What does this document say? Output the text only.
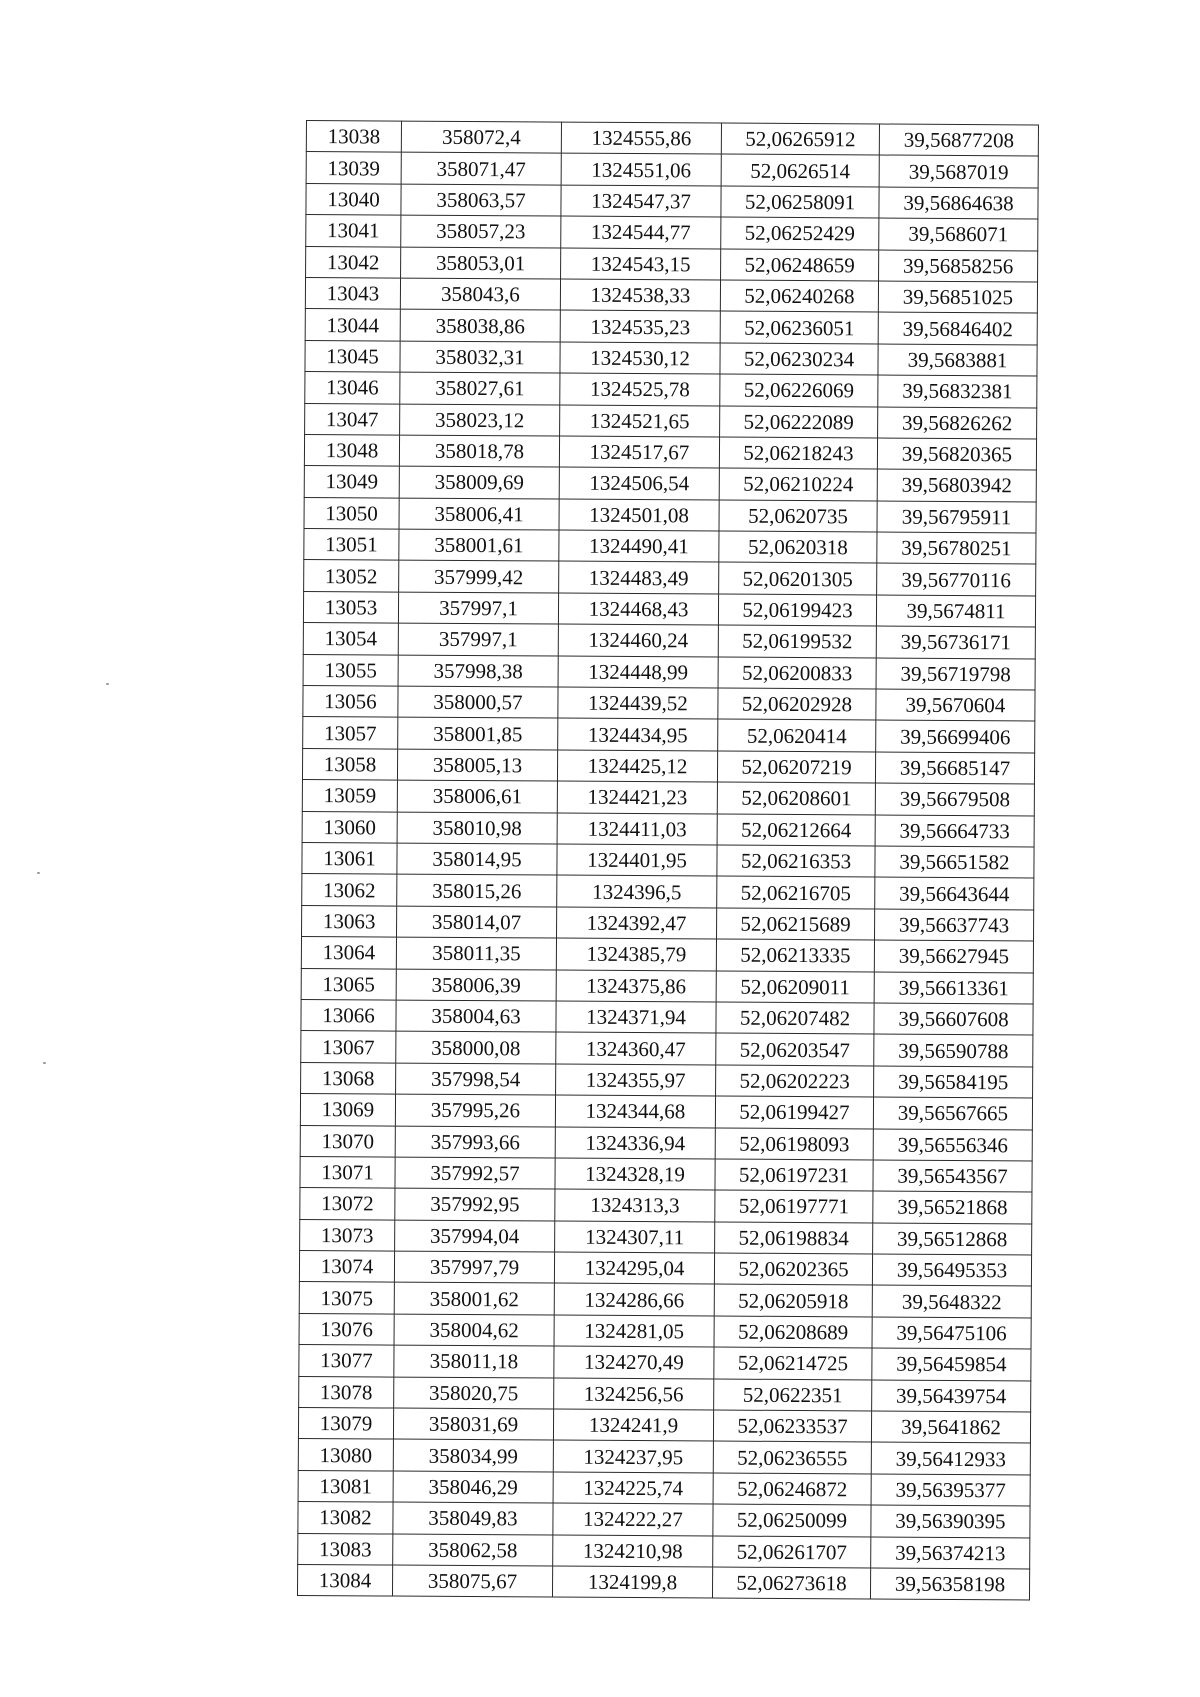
13038	358072,4	1324555,86	52,06265912	39,56877208
13039	358071,47	1324551,06	52,0626514	39,5687019
13040	358063,57	1324547,37	52,06258091	39,56864638
13041	358057,23	1324544,77	52,06252429	39,5686071
13042	358053,01	1324543,15	52,06248659	39,56858256
13043	358043,6	1324538,33	52,06240268	39,56851025
13044	358038,86	1324535,23	52,06236051	39,56846402
13045	358032,31	1324530,12	52,06230234	39,5683881
13046	358027,61	1324525,78	52,06226069	39,56832381
13047	358023,12	1324521,65	52,06222089	39,56826262
13048	358018,78	1324517,67	52,06218243	39,56820365
13049	358009,69	1324506,54	52,06210224	39,56803942
13050	358006,41	1324501,08	52,0620735	39,56795911
13051	358001,61	1324490,41	52,0620318	39,56780251
13052	357999,42	1324483,49	52,06201305	39,56770116
13053	357997,1	1324468,43	52,06199423	39,5674811
13054	357997,1	1324460,24	52,06199532	39,56736171
13055	357998,38	1324448,99	52,06200833	39,56719798
13056	358000,57	1324439,52	52,06202928	39,5670604
13057	358001,85	1324434,95	52,0620414	39,56699406
13058	358005,13	1324425,12	52,06207219	39,56685147
13059	358006,61	1324421,23	52,06208601	39,56679508
13060	358010,98	1324411,03	52,06212664	39,56664733
13061	358014,95	1324401,95	52,06216353	39,56651582
13062	358015,26	1324396,5	52,06216705	39,56643644
13063	358014,07	1324392,47	52,06215689	39,56637743
13064	358011,35	1324385,79	52,06213335	39,56627945
13065	358006,39	1324375,86	52,06209011	39,56613361
13066	358004,63	1324371,94	52,06207482	39,56607608
13067	358000,08	1324360,47	52,06203547	39,56590788
13068	357998,54	1324355,97	52,06202223	39,56584195
13069	357995,26	1324344,68	52,06199427	39,56567665
13070	357993,66	1324336,94	52,06198093	39,56556346
13071	357992,57	1324328,19	52,06197231	39,56543567
13072	357992,95	1324313,3	52,06197771	39,56521868
13073	357994,04	1324307,11	52,06198834	39,56512868
13074	357997,79	1324295,04	52,06202365	39,56495353
13075	358001,62	1324286,66	52,06205918	39,5648322
13076	358004,62	1324281,05	52,06208689	39,56475106
13077	358011,18	1324270,49	52,06214725	39,56459854
13078	358020,75	1324256,56	52,0622351	39,56439754
13079	358031,69	1324241,9	52,06233537	39,5641862
13080	358034,99	1324237,95	52,06236555	39,56412933
13081	358046,29	1324225,74	52,06246872	39,56395377
13082	358049,83	1324222,27	52,06250099	39,56390395
13083	358062,58	1324210,98	52,06261707	39,56374213
13084	358075,67	1324199,8	52,06273618	39,56358198
